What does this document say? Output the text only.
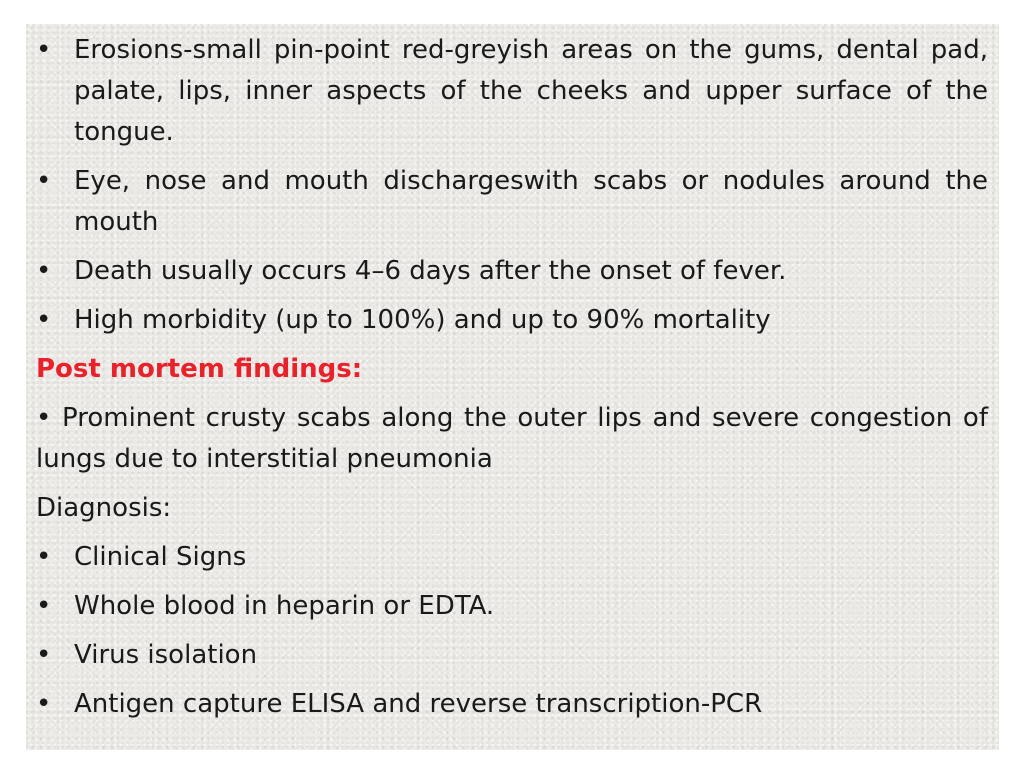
• Erosions-small pin-point red-greyish areas on the gums, dental pad, palate, lips, inner aspects of the cheeks and upper surface of the tongue.
• Eye, nose and mouth dischargeswith scabs or nodules around the mouth
• Death usually occurs 4–6 days after the onset of fever.
• High morbidity (up to 100%) and up to 90% mortality
Post mortem findings:
• Prominent crusty scabs along the outer lips and severe congestion of lungs due to interstitial pneumonia
Diagnosis:
• Clinical Signs
• Whole blood in heparin or EDTA.
• Virus isolation
• Antigen capture ELISA and reverse transcription-PCR
